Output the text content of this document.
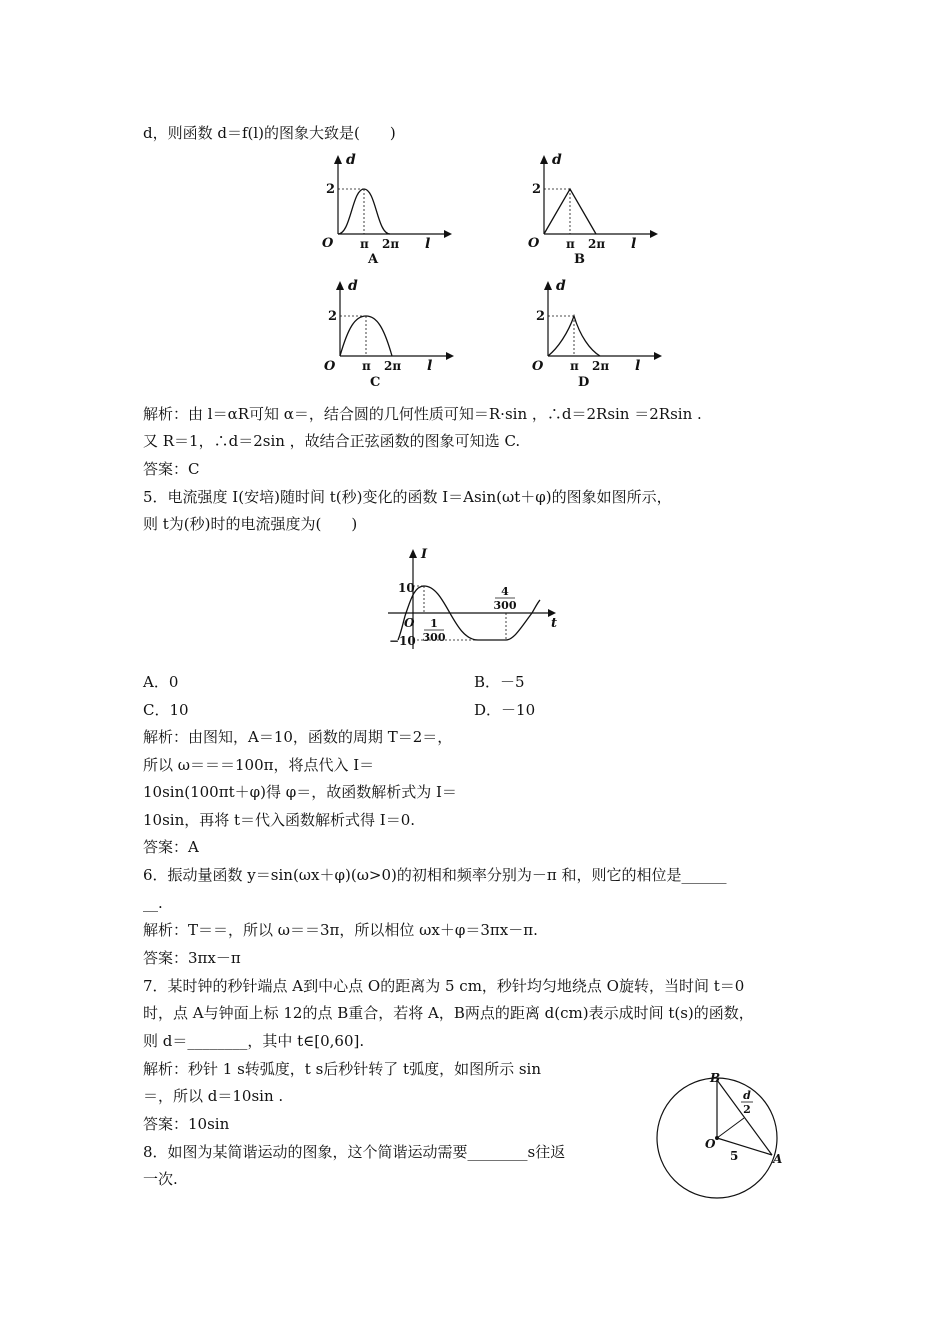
d，则函数 d＝f(l)的图象大致是(　　)
d
2
O π 2π l
A
d
2
O π 2π l
B
d
2
O π 2π l
C
d
2
O π 2π l
D
解析：由 l＝αR可知 α＝，结合圆的几何性质可知＝R·sin ，∴d＝2Rsin ＝2Rsin .
又 R＝1，∴d＝2sin ，故结合正弦函数的图象可知选 C.
答案：C
5．电流强度 I(安培)随时间 t(秒)变化的函数 I＝Asin(ωt＋φ)的图象如图所示，
则 t为(秒)时的电流强度为(　　)
I
10
−10
O	t
1
300
4
300
A．0	B．－5
C．10	D．－10
解析：由图知，A＝10，函数的周期 T＝2＝，
所以 ω＝＝＝100π，将点代入 I＝
10sin(100πt＋φ)得 φ＝，故函数解析式为 I＝
10sin，再将 t＝代入函数解析式得 I＝0.
答案：A
6．振动量函数 y＝sin(ωx＋φ)(ω>0)的初相和频率分别为－π 和，则它的相位是______
__.
解析：T＝＝，所以 ω＝＝3π，所以相位 ωx＋φ＝3πx－π.
答案：3πx－π
7．某时钟的秒针端点 A到中心点 O的距离为 5 cm，秒针均匀地绕点 O旋转，当时间 t＝0
时，点 A与钟面上标 12的点 B重合，若将 A，B两点的距离 d(cm)表示成时间 t(s)的函数，
则 d＝________，其中 t∈[0,60].
解析：秒针 1 s转弧度，t s后秒针转了 t弧度，如图所示 sin
＝，所以 d＝10sin .
答案：10sin
B
O
A
5
d
2
8．如图为某简谐运动的图象，这个简谐运动需要________s往返
一次.
